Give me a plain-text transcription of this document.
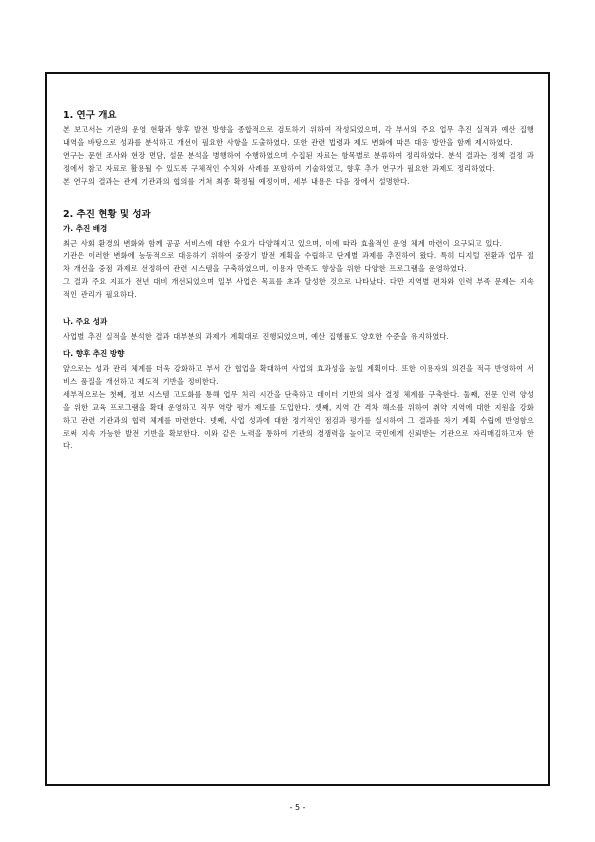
1. 연구 개요

본 보고서는 기관의 운영 현황과 향후 발전 방향을 종합적으로 검토하기 위하여 작성되었으며, 각 부서의 주요 업무 추진 실적과 예산 집행 내역을 바탕으로 성과를 분석하고 개선이 필요한 사항을 도출하였다. 또한 관련 법령과 제도 변화에 따른 대응 방안을 함께 제시하였다.

연구는 문헌 조사와 현장 면담, 설문 분석을 병행하여 수행하였으며 수집된 자료는 항목별로 분류하여 정리하였다. 분석 결과는 정책 결정 과정에서 참고 자료로 활용될 수 있도록 구체적인 수치와 사례를 포함하여 기술하였고, 향후 추가 연구가 필요한 과제도 정리하였다.

본 연구의 결과는 관계 기관과의 협의를 거쳐 최종 확정될 예정이며, 세부 내용은 다음 장에서 설명한다.

2. 추진 현황 및 성과
가. 추진 배경

최근 사회 환경의 변화와 함께 공공 서비스에 대한 수요가 다양해지고 있으며, 이에 따라 효율적인 운영 체계 마련이 요구되고 있다.

기관은 이러한 변화에 능동적으로 대응하기 위하여 중장기 발전 계획을 수립하고 단계별 과제를 추진하여 왔다. 특히 디지털 전환과 업무 절차 개선을 중점 과제로 선정하여 관련 시스템을 구축하였으며, 이용자 만족도 향상을 위한 다양한 프로그램을 운영하였다.

그 결과 주요 지표가 전년 대비 개선되었으며 일부 사업은 목표를 초과 달성한 것으로 나타났다. 다만 지역별 편차와 인력 부족 문제는 지속적인 관리가 필요하다.

나. 주요 성과

사업별 추진 실적을 분석한 결과 대부분의 과제가 계획대로 진행되었으며, 예산 집행률도 양호한 수준을 유지하였다.

다. 향후 추진 방향

앞으로는 성과 관리 체계를 더욱 강화하고 부서 간 협업을 확대하여 사업의 효과성을 높일 계획이다. 또한 이용자의 의견을 적극 반영하여 서비스 품질을 개선하고 제도적 기반을 정비한다.

세부적으로는 첫째, 정보 시스템 고도화를 통해 업무 처리 시간을 단축하고 데이터 기반의 의사 결정 체계를 구축한다. 둘째, 전문 인력 양성을 위한 교육 프로그램을 확대 운영하고 직무 역량 평가 제도를 도입한다. 셋째, 지역 간 격차 해소를 위하여 취약 지역에 대한 지원을 강화하고 관련 기관과의 협력 체계를 마련한다. 넷째, 사업 성과에 대한 정기적인 점검과 평가를 실시하여 그 결과를 차기 계획 수립에 반영함으로써 지속 가능한 발전 기반을 확보한다. 이와 같은 노력을 통하여 기관의 경쟁력을 높이고 국민에게 신뢰받는 기관으로 자리매김하고자 한다.

- 5 -
